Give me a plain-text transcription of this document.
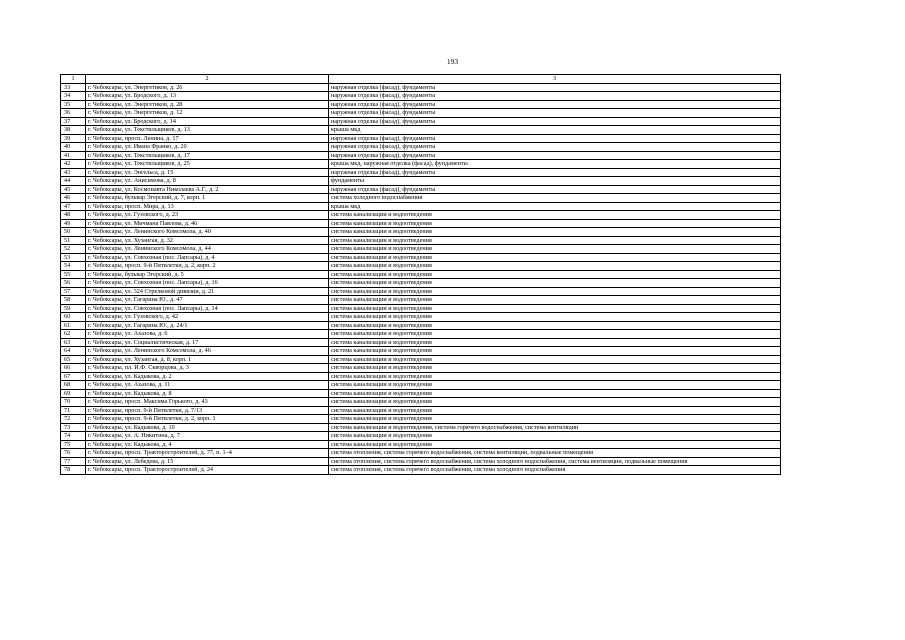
193
1	2	3
33	г. Чебоксары, ул. Энергетиков, д. 26	наружная отделка (фасад), фундаменты
34	г. Чебоксары, ул. Бродского, д. 13	наружная отделка (фасад), фундаменты
35	г. Чебоксары, ул. Энергетиков, д. 28	наружная отделка (фасад), фундаменты
36	г. Чебоксары, ул. Энергетиков, д. 12	наружная отделка (фасад), фундаменты
37	г. Чебоксары, ул. Бродского, д. 14	наружная отделка (фасад), фундаменты
38	г. Чебоксары, ул. Текстильщиков, д. 13	крыша мкд
39	г. Чебоксары, просп. Ленина, д. 17	наружная отделка (фасад), фундаменты
40	г. Чебоксары, ул. Ивана Франко, д. 20	наружная отделка (фасад), фундаменты
41	г. Чебоксары, ул. Текстильщиков, д. 17	наружная отделка (фасад), фундаменты
42	г. Чебоксары, ул. Текстильщиков, д. 25	крыша мкд, наружная отделка (фасад), фундаменты
43	г. Чебоксары, ул. Энгельса, д. 15	наружная отделка (фасад), фундаменты
44	г. Чебоксары, ул. Анисимова, д. 8	фундаменты
45	г. Чебоксары, ул. Космонавта Николаева А.Г., д. 2	наружная отделка (фасад), фундаменты
46	г. Чебоксары, бульвар Эгерский, д. 7, корп. 1	система холодного водоснабжения
47	г. Чебоксары, просп. Мира, д. 13	крыша мкд
48	г. Чебоксары, ул. Гузовского, д. 23	система канализации и водоотведения
49	г. Чебоксары, ул. Мичмана Павлова, д. 46	система канализации и водоотведения
50	г. Чебоксары, ул. Ленинского Комсомола, д. 40	система канализации и водоотведения
51	г. Чебоксары, ул. Хузангая, д. 32	система канализации и водоотведения
52	г. Чебоксары, ул. Ленинского Комсомола, д. 44	система канализации и водоотведения
53	г. Чебоксары, ул. Совхозная (пос. Лапсары), д. 4	система канализации и водоотведения
54	г. Чебоксары, просп. 9-й Пятилетки, д. 2, корп. 2	система канализации и водоотведения
55	г. Чебоксары, бульвар Эгерский, д. 5	система канализации и водоотведения
56	г. Чебоксары, ул. Совхозная (пос. Лапсары), д. 16	система канализации и водоотведения
57	г. Чебоксары, ул. 324 Стрелковой дивизии, д. 21	система канализации и водоотведения
58	г. Чебоксары, ул. Гагарина Ю., д. 47	система канализации и водоотведения
59	г. Чебоксары, ул. Совхозная (пос. Лапсары), д. 14	система канализации и водоотведения
60	г. Чебоксары, ул. Гузовского, д. 42	система канализации и водоотведения
61	г. Чебоксары, ул. Гагарина Ю., д. 24/1	система канализации и водоотведения
62	г. Чебоксары, ул. Ахазова, д. 6	система канализации и водоотведения
63	г. Чебоксары, ул. Социалистическая, д. 17	система канализации и водоотведения
64	г. Чебоксары, ул. Ленинского Комсомола, д. 46	система канализации и водоотведения
65	г. Чебоксары, ул. Хузангая, д. 8, корп. 1	система канализации и водоотведения
66	г. Чебоксары, пл. И.Ф. Скворцова, д. 3	система канализации и водоотведения
67	г. Чебоксары, ул. Кадыкова, д. 2	система канализации и водоотведения
68	г. Чебоксары, ул. Ахазова, д. 11	система канализации и водоотведения
69	г. Чебоксары, ул. Кадыкова, д. 8	система канализации и водоотведения
70	г. Чебоксары, просп. Максима Горького, д. 43	система канализации и водоотведения
71	г. Чебоксары, просп. 9-й Пятилетки, д. 7/13	система канализации и водоотведения
72	г. Чебоксары, просп. 9-й Пятилетки, д. 2, корп. 1	система канализации и водоотведения
73	г. Чебоксары, ул. Кадыкова, д. 10	система канализации и водоотведения, система горячего водоснабжения, система вентиляции
74	г. Чебоксары, ул. А. Никитина, д. 7	система канализации и водоотведения
75	г. Чебоксары, ул. Кадыкова, д. 4	система канализации и водоотведения
76	г. Чебоксары, просп. Тракторостроителей, д. 77, п. 1–4	система отопления, система горячего водоснабжения, система вентиляции, подвальные помещения
77	г. Чебоксары, ул. Лебедева, д. 15	система отопления, система горячего водоснабжения, система холодного водоснабжения, система вентиляции, подвальные помещения
78	г. Чебоксары, просп. Тракторостроителей, д. 24	система отопления, система горячего водоснабжения, система холодного водоснабжения
